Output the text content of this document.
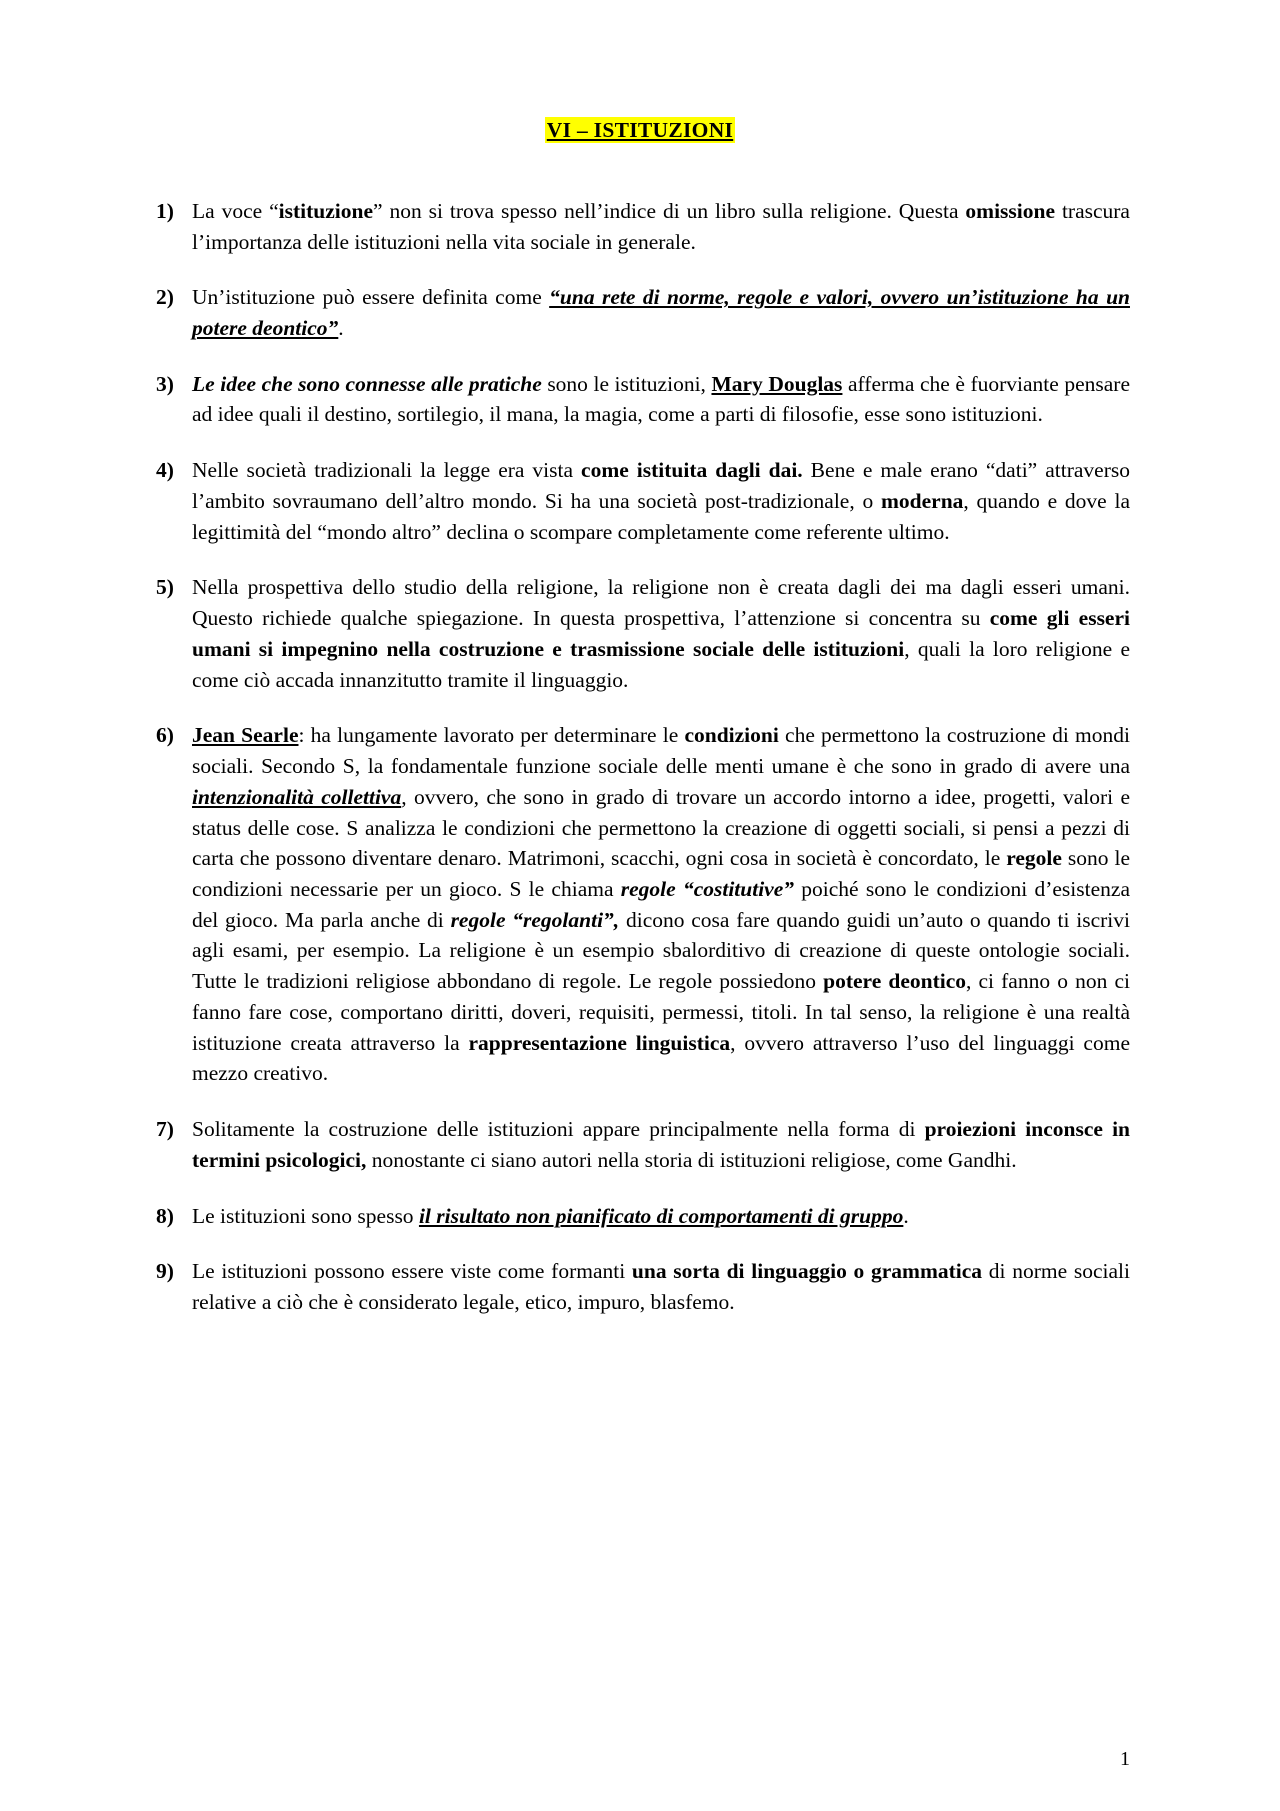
VI – ISTITUZIONI
1) La voce “istituzione” non si trova spesso nell’indice di un libro sulla religione. Questa omissione trascura l’importanza delle istituzioni nella vita sociale in generale.
2) Un’istituzione può essere definita come “una rete di norme, regole e valori, ovvero un’istituzione ha un potere deontico”.
3) Le idee che sono connesse alle pratiche sono le istituzioni, Mary Douglas afferma che è fuorviante pensare ad idee quali il destino, sortilegio, il mana, la magia, come a parti di filosofie, esse sono istituzioni.
4) Nelle società tradizionali la legge era vista come istituita dagli dai. Bene e male erano “dati” attraverso l’ambito sovraumano dell’altro mondo. Si ha una società post-tradizionale, o moderna, quando e dove la legittimità del “mondo altro” declina o scompare completamente come referente ultimo.
5) Nella prospettiva dello studio della religione, la religione non è creata dagli dei ma dagli esseri umani. Questo richiede qualche spiegazione. In questa prospettiva, l’attenzione si concentra su come gli esseri umani si impegnino nella costruzione e trasmissione sociale delle istituzioni, quali la loro religione e come ciò accada innanzitutto tramite il linguaggio.
6) Jean Searle: ha lungamente lavorato per determinare le condizioni che permettono la costruzione di mondi sociali. Secondo S, la fondamentale funzione sociale delle menti umane è che sono in grado di avere una intenzionalità collettiva, ovvero, che sono in grado di trovare un accordo intorno a idee, progetti, valori e status delle cose. S analizza le condizioni che permettono la creazione di oggetti sociali, si pensi a pezzi di carta che possono diventare denaro. Matrimoni, scacchi, ogni cosa in società è concordato, le regole sono le condizioni necessarie per un gioco. S le chiama regole “costitutive” poiché sono le condizioni d’esistenza del gioco. Ma parla anche di regole “regolanti”, dicono cosa fare quando guidi un’auto o quando ti iscrivi agli esami, per esempio. La religione è un esempio sbalorditivo di creazione di queste ontologie sociali. Tutte le tradizioni religiose abbondano di regole. Le regole possiedono potere deontico, ci fanno o non ci fanno fare cose, comportano diritti, doveri, requisiti, permessi, titoli. In tal senso, la religione è una realtà istituzione creata attraverso la rappresentazione linguistica, ovvero attraverso l’uso del linguaggi come mezzo creativo.
7) Solitamente la costruzione delle istituzioni appare principalmente nella forma di proiezioni inconsce in termini psicologici, nonostante ci siano autori nella storia di istituzioni religiose, come Gandhi.
8) Le istituzioni sono spesso il risultato non pianificato di comportamenti di gruppo.
9) Le istituzioni possono essere viste come formanti una sorta di linguaggio o grammatica di norme sociali relative a ciò che è considerato legale, etico, impuro, blasfemo.
1
